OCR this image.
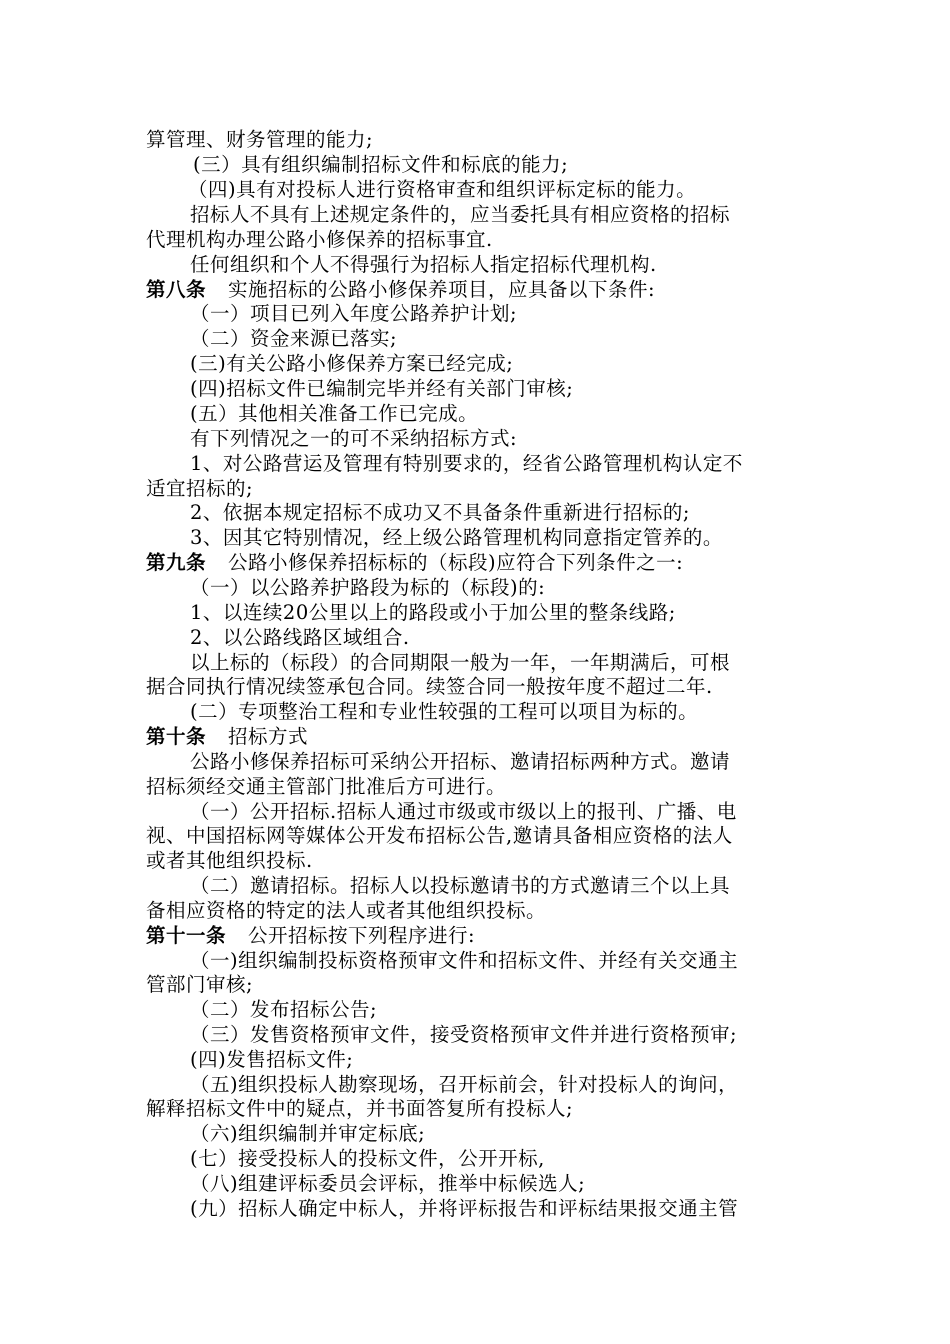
算管理、财务管理的能力;
(三）具有组织编制招标文件和标底的能力;
（四)具有对投标人进行资格审查和组织评标定标的能力。
招标人不具有上述规定条件的，应当委托具有相应资格的招标
代理机构办理公路小修保养的招标事宜.
任何组织和个人不得强行为招标人指定招标代理机构.
第八条 实施招标的公路小修保养项目，应具备以下条件:
（一）项目已列入年度公路养护计划;
（二）资金来源已落实;
(三)有关公路小修保养方案已经完成;
(四)招标文件已编制完毕并经有关部门审核;
(五）其他相关准备工作已完成。
有下列情况之一的可不采纳招标方式:
1、对公路营运及管理有特别要求的，经省公路管理机构认定不
适宜招标的;
2、依据本规定招标不成功又不具备条件重新进行招标的;
3、因其它特别情况，经上级公路管理机构同意指定管养的。
第九条 公路小修保养招标标的（标段)应符合下列条件之一:
（一）以公路养护路段为标的（标段)的:
1、以连续20公里以上的路段或小于加公里的整条线路;
2、以公路线路区域组合.
以上标的（标段）的合同期限一般为一年，一年期满后，可根
据合同执行情况续签承包合同。续签合同一般按年度不超过二年.
(二）专项整治工程和专业性较强的工程可以项目为标的。
第十条 招标方式
公路小修保养招标可采纳公开招标、邀请招标两种方式。邀请
招标须经交通主管部门批准后方可进行。
（一）公开招标.招标人通过市级或市级以上的报刊、广播、电
视、中国招标网等媒体公开发布招标公告,邀请具备相应资格的法人
或者其他组织投标.
（二）邀请招标。招标人以投标邀请书的方式邀请三个以上具
备相应资格的特定的法人或者其他组织投标。
第十一条 公开招标按下列程序进行:
（一)组织编制投标资格预审文件和招标文件、并经有关交通主
管部门审核;
（二）发布招标公告;
（三）发售资格预审文件，接受资格预审文件并进行资格预审;
(四)发售招标文件;
（五)组织投标人勘察现场，召开标前会，针对投标人的询问，
解释招标文件中的疑点，并书面答复所有投标人;
（六)组织编制并审定标底;
(七）接受投标人的投标文件，公开开标,
（八)组建评标委员会评标，推举中标候选人;
(九）招标人确定中标人，并将评标报告和评标结果报交通主管
